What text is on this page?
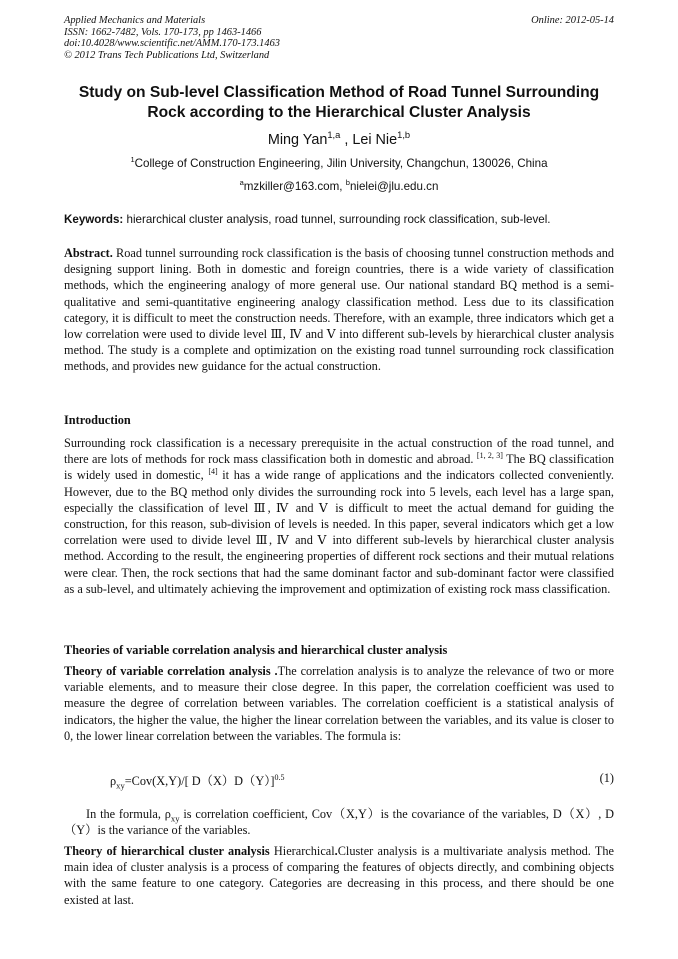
Applied Mechanics and Materials
ISSN: 1662-7482, Vols. 170-173, pp 1463-1466
doi:10.4028/www.scientific.net/AMM.170-173.1463
© 2012 Trans Tech Publications Ltd, Switzerland
Online: 2012-05-14
Study on Sub-level Classification Method of Road Tunnel Surrounding
Rock according to the Hierarchical Cluster Analysis
Ming Yan$^{1,a}$ , Lei Nie$^{1,b}$
$^1$College of Construction Engineering, Jilin University, Changchun, 130026, China
$^a$mzkiller@163.com, $^b$nielei@jlu.edu.cn
Keywords: hierarchical cluster analysis, road tunnel, surrounding rock classification, sub-level.

Abstract. Road tunnel surrounding rock classification is the basis of choosing tunnel construction methods and designing support lining. Both in domestic and foreign countries, there is a wide variety of classification methods, which the engineering analogy of more general use. Our national standard BQ method is a semi-qualitative and semi-quantitative engineering analogy classification method. Less due to its classification category, it is difficult to meet the construction needs. Therefore, with an example, three indicators which get a low correlation were used to divide level Ⅲ, Ⅳ and Ⅴ into different sub-levels by hierarchical cluster analysis method. The study is a complete and optimization on the existing road tunnel surrounding rock classification methods, and provides new guidance for the actual construction.

Introduction

Surrounding rock classification is a necessary prerequisite in the actual construction of the road tunnel, and there are lots of methods for rock mass classification both in domestic and abroad. [1, 2, 3] The BQ classification is widely used in domestic, [4] it has a wide range of applications and the indicators collected conveniently. However, due to the BQ method only divides the surrounding rock into 5 levels, each level has a large span, especially the classification of level Ⅲ, Ⅳ and Ⅴ is difficult to meet the actual demand for guiding the construction, for this reason, sub-division of levels is needed. In this paper, several indicators which get a low correlation were used to divide level Ⅲ, Ⅳ and Ⅴ into different sub-levels by hierarchical cluster analysis method. According to the result, the engineering properties of different rock sections and their mutual relations were clear. Then, the rock sections that had the same dominant factor and sub-dominant factor were classified as a sub-level, and ultimately achieving the improvement and optimization of existing rock mass classification.

Theories of variable correlation analysis and hierarchical cluster analysis

Theory of variable correlation analysis .The correlation analysis is to analyze the relevance of two or more variable elements, and to measure their close degree. In this paper, the correlation coefficient was used to measure the degree of correlation between variables. The correlation coefficient is a statistical analysis of indicators, the higher the value, the higher the linear correlation between the variables, and its value is closer to 0, the lower linear correlation between the variables. The formula is:

$\rho_{xy}=Cov(X,Y)/$[ D（X）D（Y）]$^{0.5}$	(1)

In the formula, $\rho_{xy}$ is correlation coefficient, Cov（X,Y）is the covariance of the variables, D（X）, D（Y）is the variance of the variables.

Theory of hierarchical cluster analysis Hierarchical.Cluster analysis is a multivariate analysis method. The main idea of cluster analysis is a process of comparing the features of objects directly, and combining objects with the same feature to one category. Categories are decreasing in this process, and there should be one existed at last.
